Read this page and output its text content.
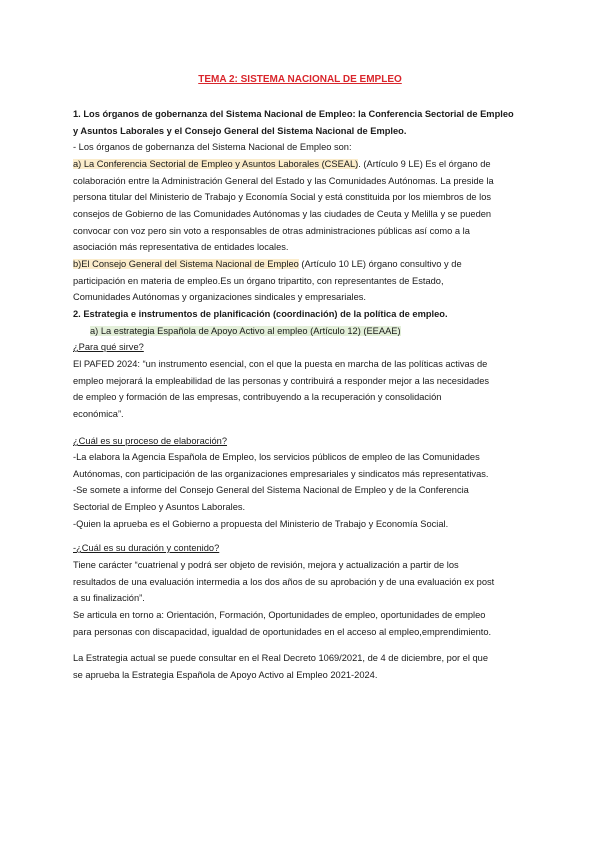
TEMA 2: SISTEMA NACIONAL DE EMPLEO
1. Los órganos de gobernanza del Sistema Nacional de Empleo: la Conferencia Sectorial de Empleo
y Asuntos Laborales y el Consejo General del Sistema Nacional de Empleo.
- Los órganos de gobernanza del Sistema Nacional de Empleo son:
a) La Conferencia Sectorial de Empleo y Asuntos Laborales (CSEAL). (Artículo 9 LE) Es el órgano de
colaboración entre la Administración General del Estado y las Comunidades Autónomas. La preside la
persona titular del Ministerio de Trabajo y Economía Social y está constituida por los miembros de los
consejos de Gobierno de las Comunidades Autónomas y las ciudades de Ceuta y Melilla y se pueden
convocar con voz pero sin voto a responsables de otras administraciones públicas así como a la
asociación más representativa de entidades locales.
b)El Consejo General del Sistema Nacional de Empleo (Artículo 10 LE) órgano consultivo y de
participación en materia de empleo.Es un órgano tripartito, con representantes de Estado,
Comunidades Autónomas y organizaciones sindicales y empresariales.
2. Estrategia e instrumentos de planificación (coordinación) de la política de empleo.
a) La estrategia Española de Apoyo Activo al empleo (Artículo 12) (EEAAE)
¿Para qué sirve?
El PAFED 2024: “un instrumento esencial, con el que la puesta en marcha de las políticas activas de
empleo mejorará la empleabilidad de las personas y contribuirá a responder mejor a las necesidades
de empleo y formación de las empresas, contribuyendo a la recuperación y consolidación
económica”.
¿Cuál es su proceso de elaboración?
-La elabora la Agencia Española de Empleo, los servicios públicos de empleo de las Comunidades
Autónomas, con participación de las organizaciones empresariales y sindicatos más representativas.
-Se somete a informe del Consejo General del Sistema Nacional de Empleo y de la Conferencia
Sectorial de Empleo y Asuntos Laborales.
-Quien la aprueba es el Gobierno a propuesta del Ministerio de Trabajo y Economía Social.
-¿Cuál es su duración y contenido?
Tiene carácter “cuatrienal y podrá ser objeto de revisión, mejora y actualización a partir de los
resultados de una evaluación intermedia a los dos años de su aprobación y de una evaluación ex post
a su finalización”.
Se articula en torno a: Orientación, Formación, Oportunidades de empleo, oportunidades de empleo
para personas con discapacidad, igualdad de oportunidades en el acceso al empleo,emprendimiento.
La Estrategia actual se puede consultar en el Real Decreto 1069/2021, de 4 de diciembre, por el que
se aprueba la Estrategia Española de Apoyo Activo al Empleo 2021-2024.
